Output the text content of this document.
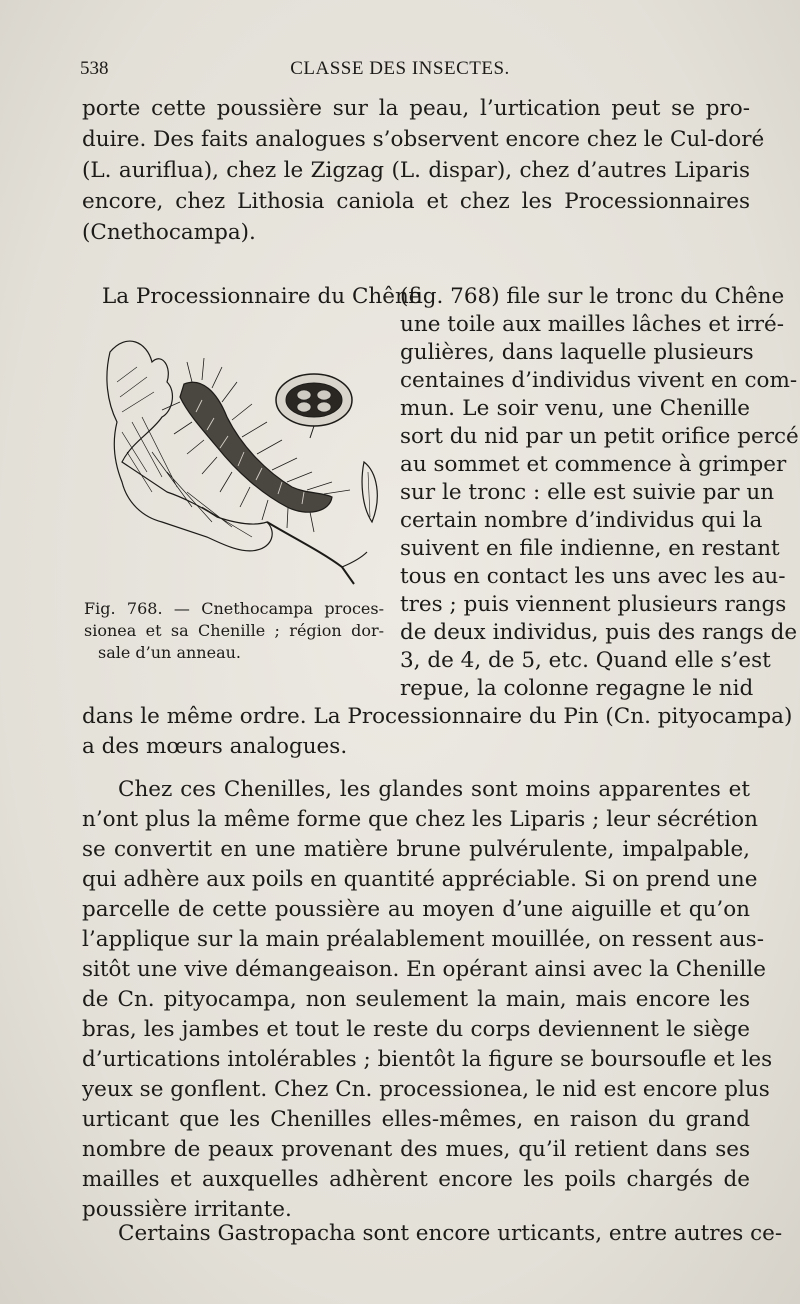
538	CLASSE DES INSECTES.
porte cette poussière sur la peau, l’urtication peut se pro-
duire. Des faits analogues s’observent encore chez le Cul-doré
(L. auriflua), chez le Zigzag (L. dispar), chez d’autres Liparis
encore, chez Lithosia caniola et chez les Processionnaires
(Cnethocampa).
La Processionnaire du Chêne
(fig. 768) file sur le tronc du Chêne
une toile aux mailles lâches et irré-
gulières, dans laquelle plusieurs
centaines d’individus vivent en com-
mun. Le soir venu, une Chenille
sort du nid par un petit orifice percé
au sommet et commence à grimper
sur le tronc : elle est suivie par un
certain nombre d’individus qui la
suivent en file indienne, en restant
tous en contact les uns avec les au-
tres ; puis viennent plusieurs rangs
de deux individus, puis des rangs de
3, de 4, de 5, etc. Quand elle s’est
repue, la colonne regagne le nid
dans le même ordre. La Processionnaire du Pin (Cn. pityocampa)
a des mœurs analogues.
Fig. 768. — Cnethocampa proces-
sionea et sa Chenille ; région dor-
sale d’un anneau.
Chez ces Chenilles, les glandes sont moins apparentes et
n’ont plus la même forme que chez les Liparis ; leur sécrétion
se convertit en une matière brune pulvérulente, impalpable,
qui adhère aux poils en quantité appréciable. Si on prend une
parcelle de cette poussière au moyen d’une aiguille et qu’on
l’applique sur la main préalablement mouillée, on ressent aus-
sitôt une vive démangeaison. En opérant ainsi avec la Chenille
de Cn. pityocampa, non seulement la main, mais encore les
bras, les jambes et tout le reste du corps deviennent le siège
d’urtications intolérables ; bientôt la figure se boursoufle et les
yeux se gonflent. Chez Cn. processionea, le nid est encore plus
urticant que les Chenilles elles-mêmes, en raison du grand
nombre de peaux provenant des mues, qu’il retient dans ses
mailles et auxquelles adhèrent encore les poils chargés de
poussière irritante.
Certains Gastropacha sont encore urticants, entre autres ce-
